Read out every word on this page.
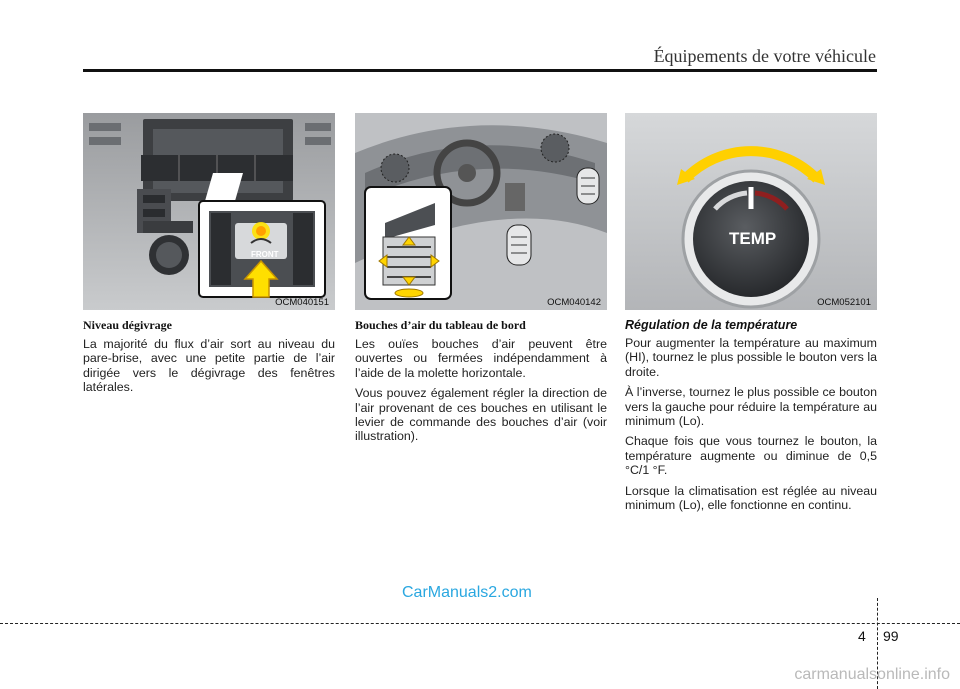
Équipements de votre véhicule
FRONT
OCM040151
Niveau dégivrage

La majorité du flux d’air sort au niveau du pare-brise, avec une petite partie de l’air dirigée vers le dégivrage des fenêtres latérales.

OCM040142
Bouches d’air du tableau de bord

Les ouïes bouches d’air peuvent être ouvertes ou fermées indépendamment à l’aide de la molette horizontale.

Vous pouvez également régler la direction de l’air provenant de ces bouches en utilisant le levier de commande des bouches d’air (voir illustration).

TEMP
OCM052101
Régulation de la température

Pour augmenter la température au maximum (HI), tournez le plus possible le bouton vers la droite.

À l’inverse, tournez le plus possible ce bouton vers la gauche pour réduire la température au minimum (Lo).

Chaque fois que vous tournez le bouton, la température augmente ou diminue de 0,5 °C/1 °F.

Lorsque la climatisation est réglée au niveau minimum (Lo), elle fonctionne en continu.

CarManuals2.com
4 99
carmanualsonline.info
